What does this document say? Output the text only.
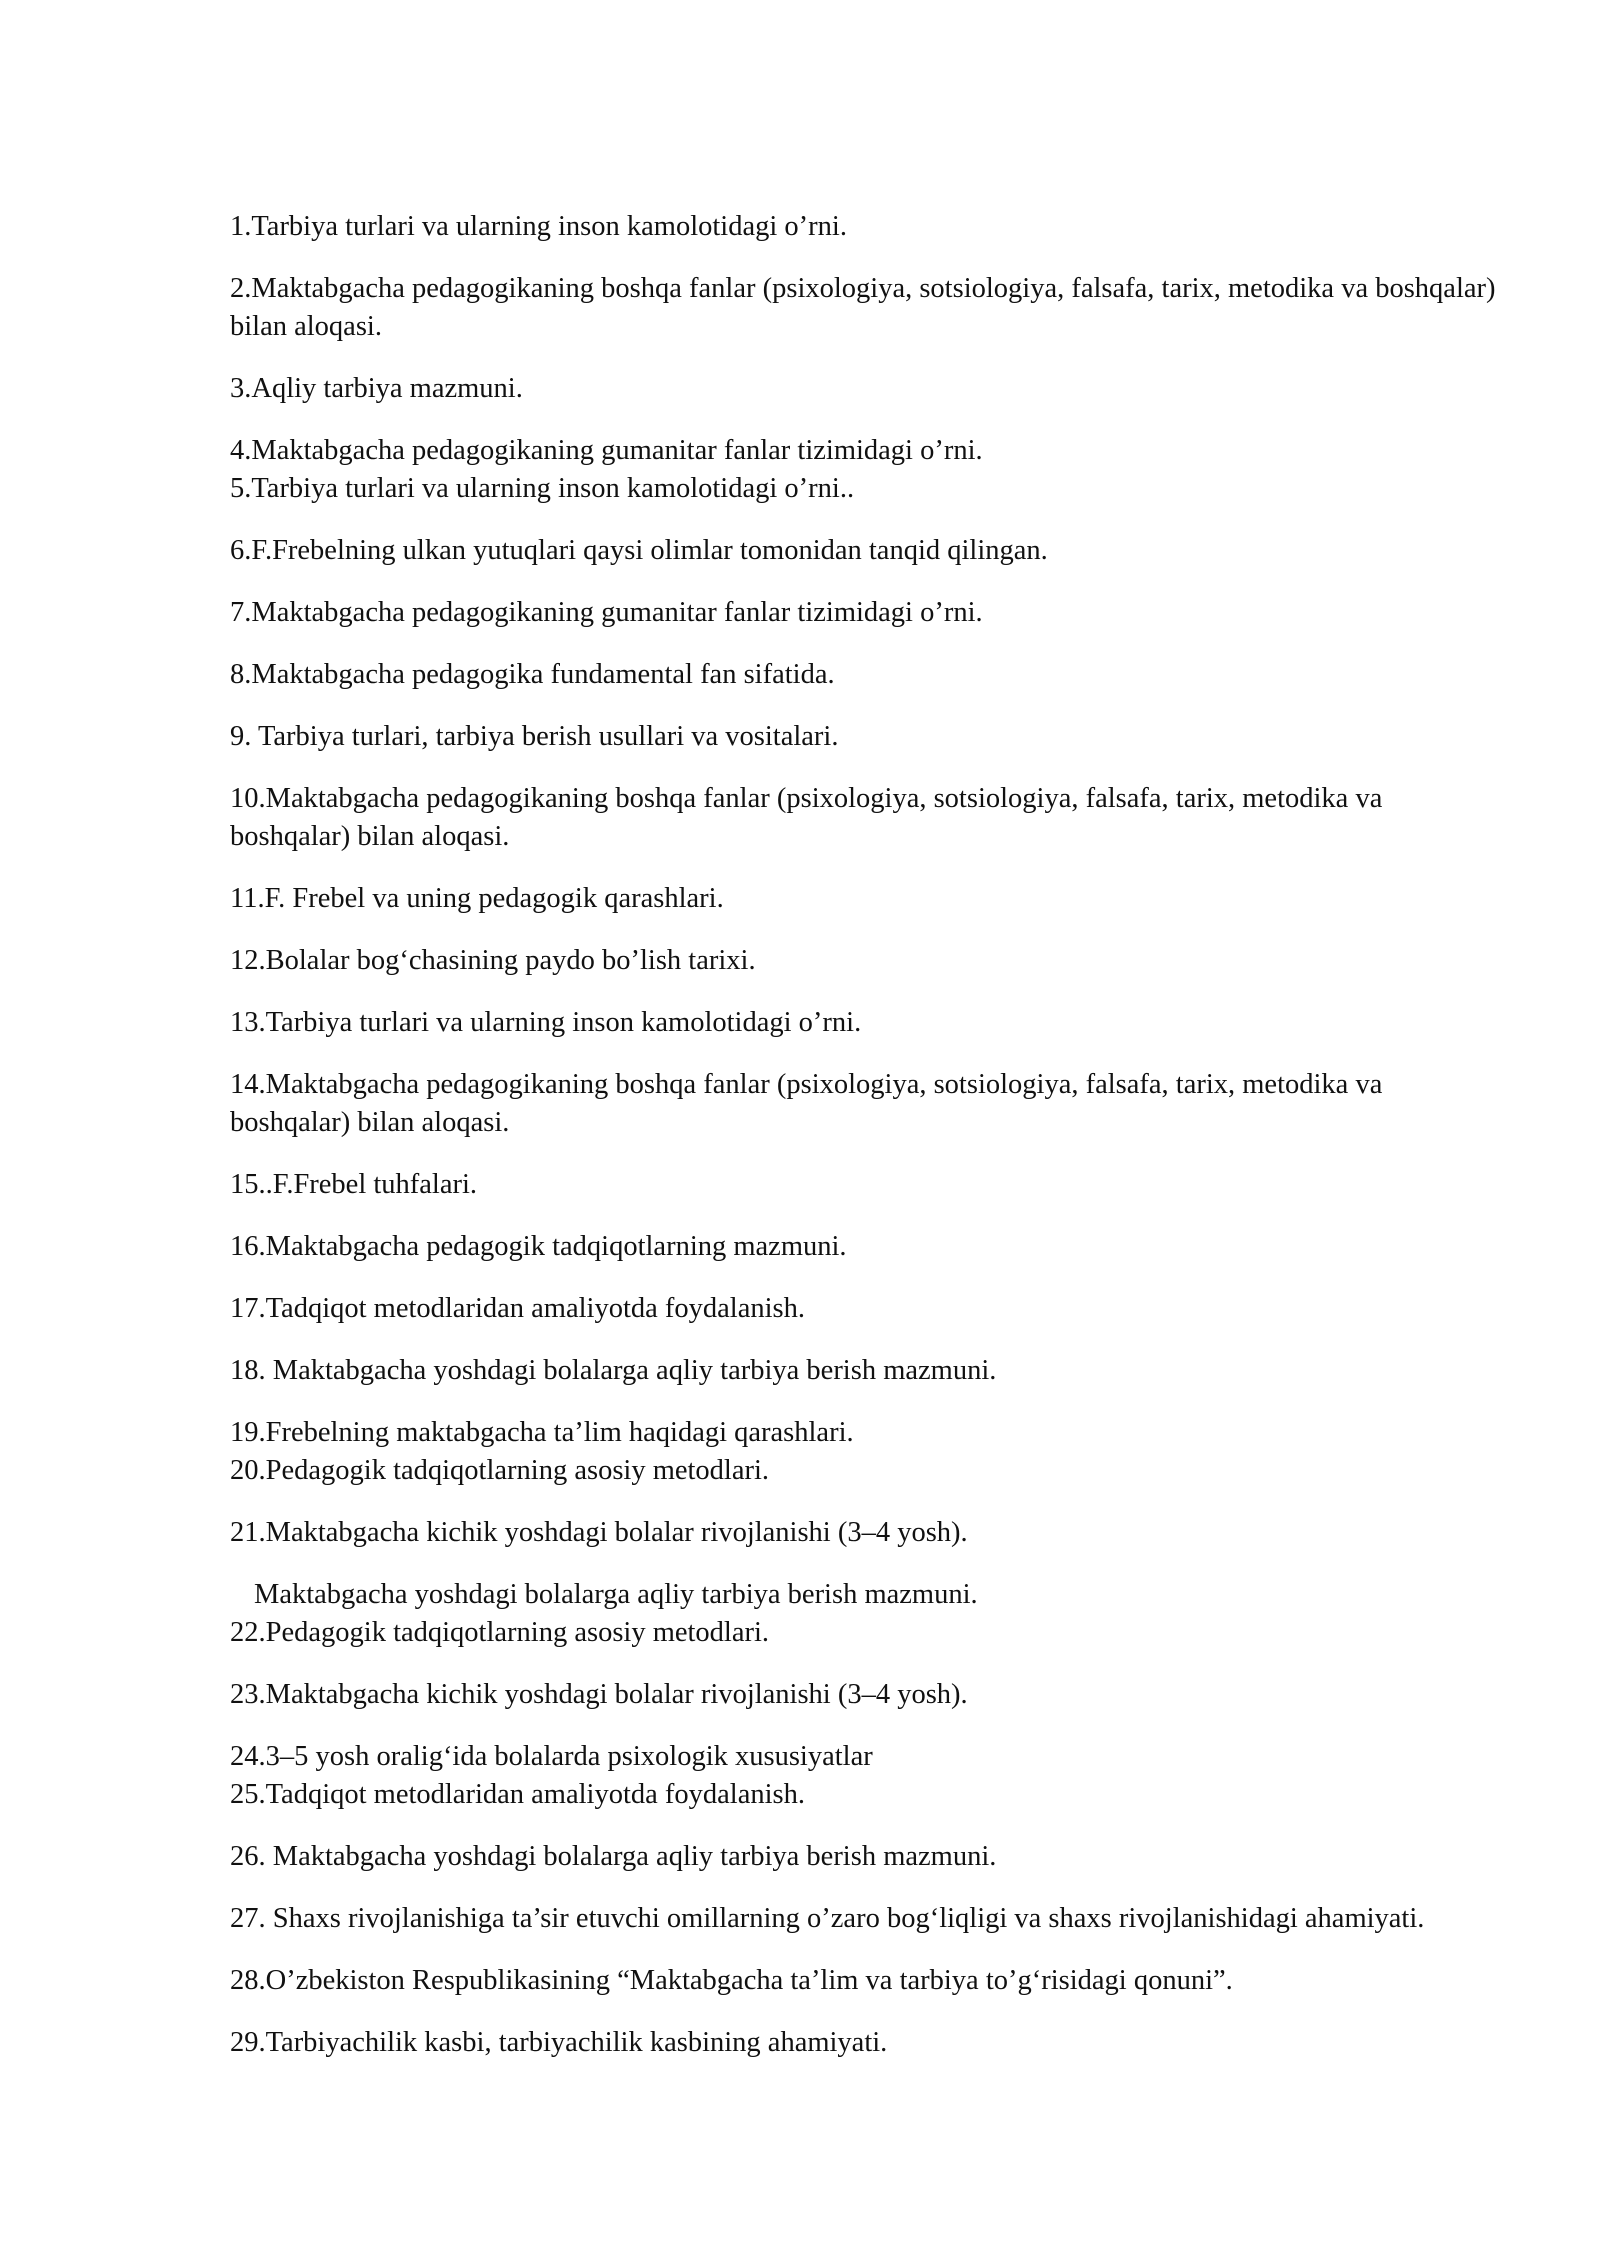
1.Tarbiya turlari va ularning inson kamolotidagi o’rni.

2.Maktabgacha pedagogikaning boshqa fanlar (psixologiya, sotsiologiya, falsafa, tarix, metodika va boshqalar) bilan aloqasi.

3.Aqliy tarbiya mazmuni.

4.Maktabgacha pedagogikaning gumanitar fanlar tizimidagi o’rni.

5.Tarbiya turlari va ularning inson kamolotidagi o’rni..

6.F.Frebelning ulkan yutuqlari qaysi olimlar tomonidan tanqid qilingan.

7.Maktabgacha pedagogikaning gumanitar fanlar tizimidagi o’rni.

8.Maktabgacha pedagogika fundamental fan sifatida.

9. Tarbiya turlari, tarbiya berish usullari va vositalari.

10.Maktabgacha pedagogikaning boshqa fanlar (psixologiya, sotsiologiya, falsafa, tarix, metodika va boshqalar) bilan aloqasi.

11.F. Frebel va uning pedagogik qarashlari.

12.Bolalar bog‘chasining paydo bo’lish tarixi.

13.Tarbiya turlari va ularning inson kamolotidagi o’rni.

14.Maktabgacha pedagogikaning boshqa fanlar (psixologiya, sotsiologiya, falsafa, tarix, metodika va boshqalar) bilan aloqasi.

15..F.Frebel tuhfalari.

16.Maktabgacha pedagogik tadqiqotlarning mazmuni.

17.Tadqiqot metodlaridan amaliyotda foydalanish.

18. Maktabgacha yoshdagi bolalarga aqliy tarbiya berish mazmuni.

19.Frebelning maktabgacha ta’lim haqidagi qarashlari.

20.Pedagogik tadqiqotlarning asosiy metodlari.

21.Maktabgacha kichik yoshdagi bolalar rivojlanishi (3–4 yosh).

Maktabgacha yoshdagi bolalarga aqliy tarbiya berish mazmuni.

22.Pedagogik tadqiqotlarning asosiy metodlari.

23.Maktabgacha kichik yoshdagi bolalar rivojlanishi (3–4 yosh).

24.3–5 yosh oralig‘ida bolalarda psixologik xususiyatlar

25.Tadqiqot metodlaridan amaliyotda foydalanish.

26. Maktabgacha yoshdagi bolalarga aqliy tarbiya berish mazmuni.

27. Shaxs rivojlanishiga ta’sir etuvchi omillarning o’zaro bog‘liqligi va shaxs rivojlanishidagi ahamiyati.

28.O’zbekiston Respublikasining “Maktabgacha ta’lim va tarbiya to’g‘risidagi qonuni”.

29.Tarbiyachilik kasbi, tarbiyachilik kasbining ahamiyati.
